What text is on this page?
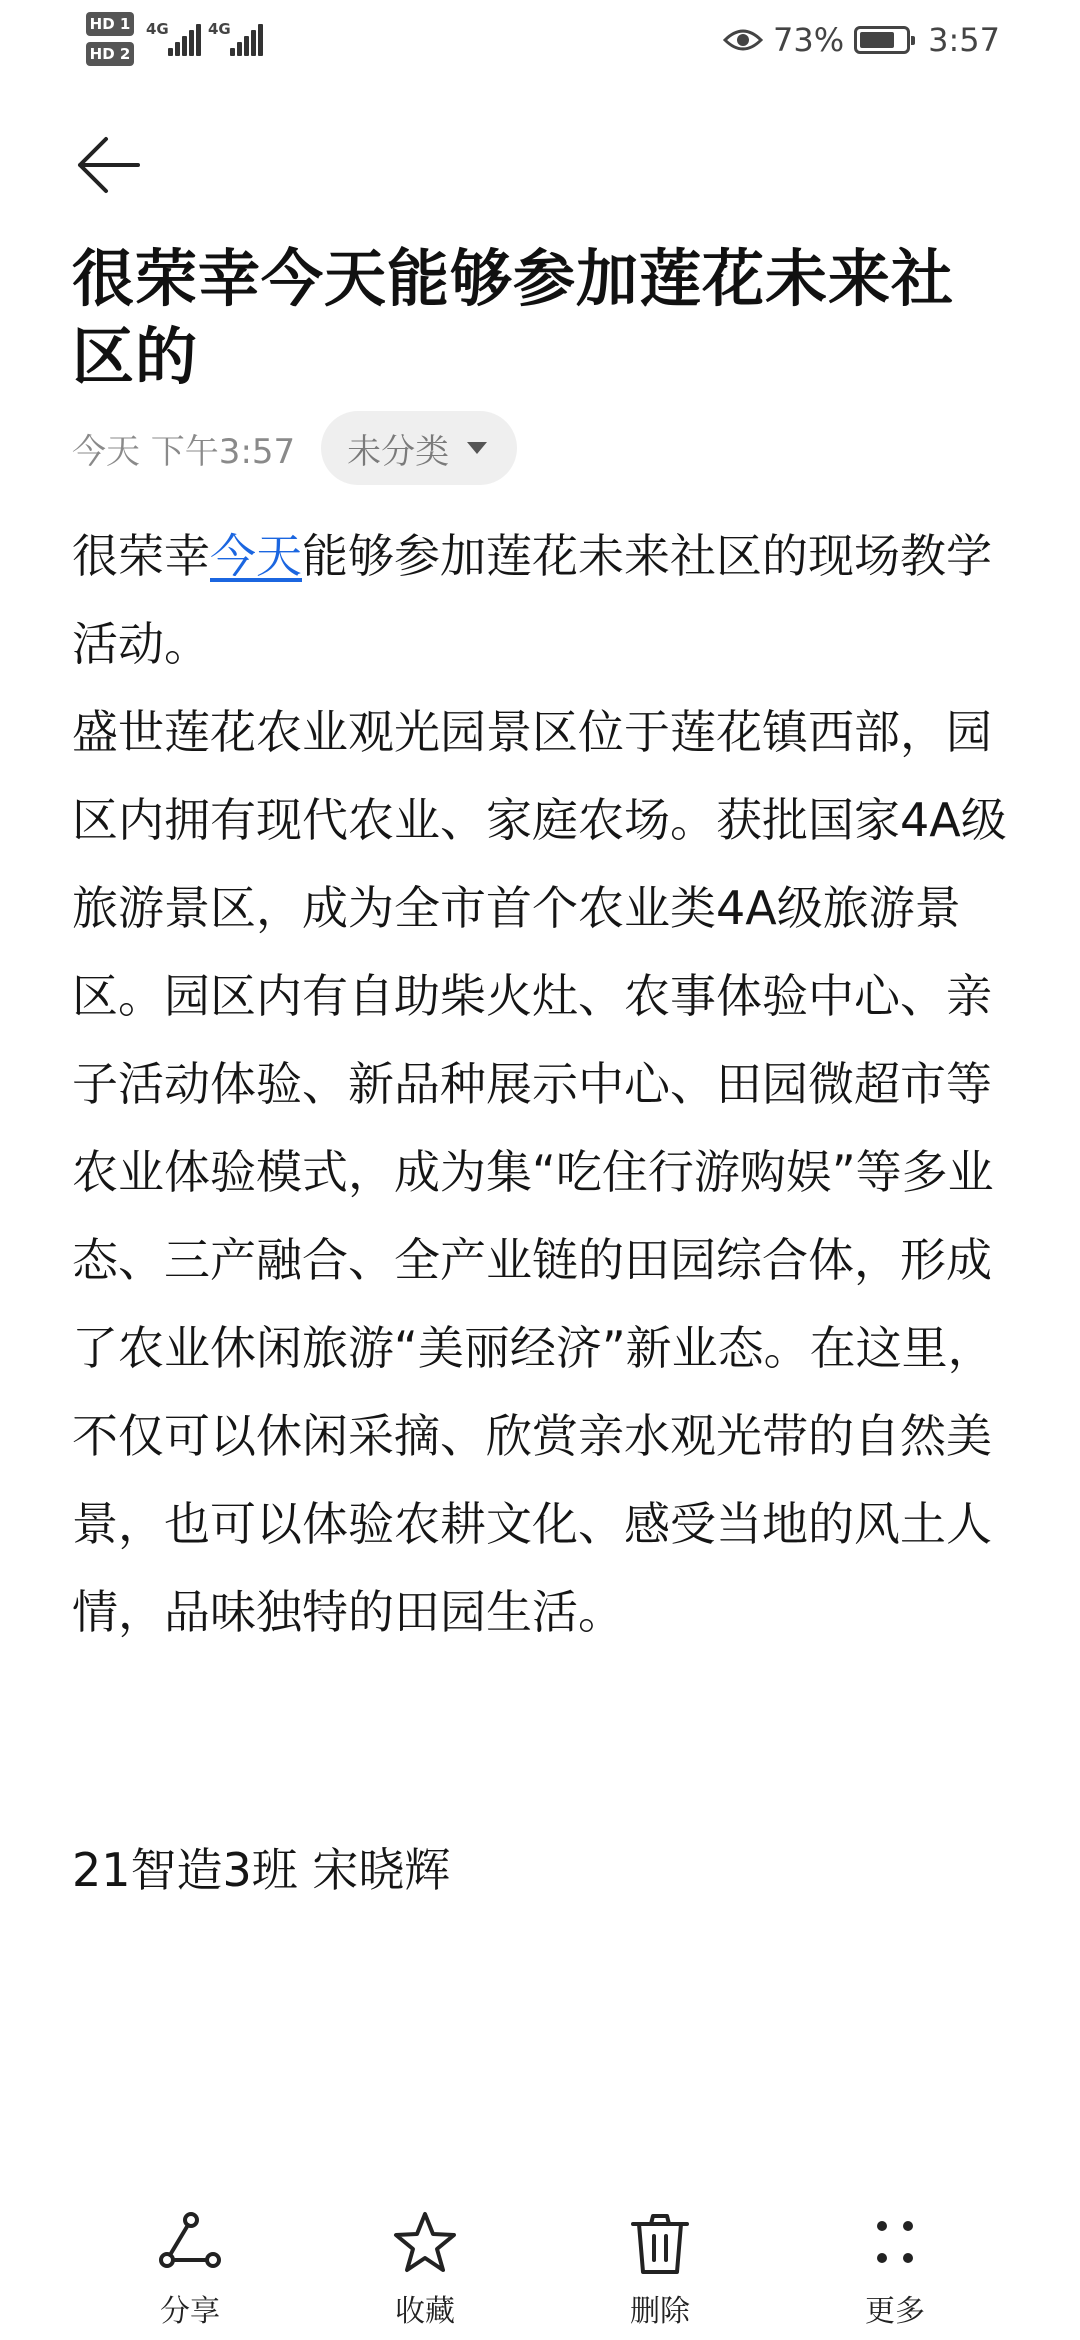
HD 1
HD 2
4G	4G	73%	3:57
很荣幸今天能够参加莲花未来社区的
今天 下午3:57 未分类

很荣幸今天能够参加莲花未来社区的现场教学活动。

盛世莲花农业观光园景区位于莲花镇西部，园区内拥有现代农业、家庭农场。获批国家4A级旅游景区，成为全市首个农业类4A级旅游景区。园区内有自助柴火灶、农事体验中心、亲子活动体验、新品种展示中心、田园微超市等农业体验模式，成为集“吃住行游购娱”等多业态、三产融合、全产业链的田园综合体，形成了农业休闲旅游“美丽经济”新业态。在这里，不仅可以休闲采摘、欣赏亲水观光带的自然美景，也可以体验农耕文化、感受当地的风土人情，品味独特的田园生活。

21智造3班 宋晓辉
分享	收藏	删除	更多
